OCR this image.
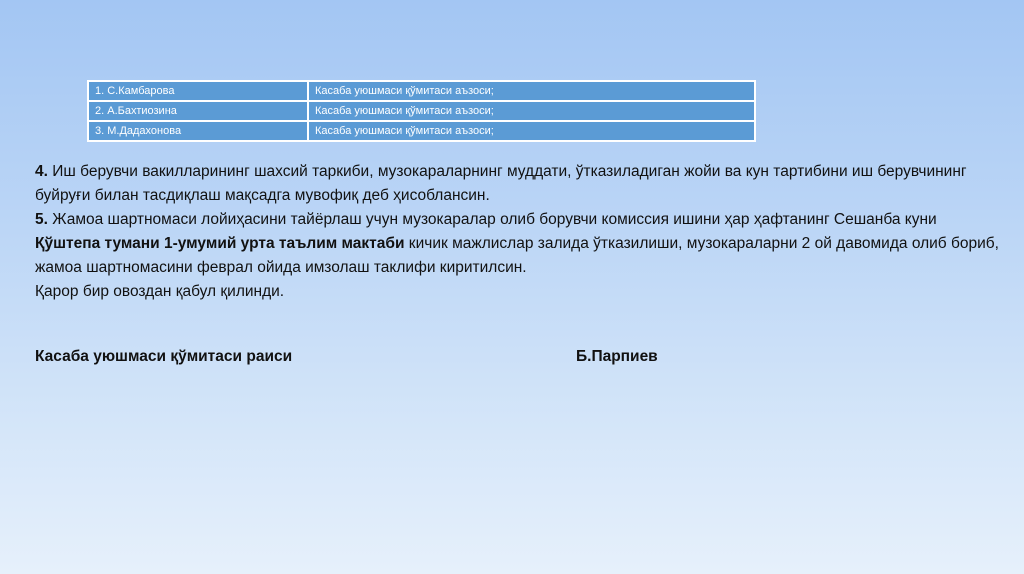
1. С.Камбарова	Касаба уюшмаси қўмитаси аъзоси;
2. А.Бахтиозина	Касаба уюшмаси қўмитаси аъзоси;
3. М.Дадахонова	Касаба уюшмаси қўмитаси аъзоси;

4. Иш берувчи вакилларининг шахсий таркиби, музокараларнинг муддати, ўтказиладиган жойи ва кун тартибини иш берувчининг буйруғи билан тасдиқлаш мақсадга мувофиқ деб ҳисоблансин.

5. Жамоа шартномаси лойиҳасини тайёрлаш учун музокаралар олиб борувчи комиссия ишини ҳар ҳафтанинг Сешанба куни Қўштепа тумани 1-умумий урта таълим мактаби кичик мажлислар залида ўтказилиши, музокараларни 2 ой давомида олиб бориб, жамоа шартномасини феврал ойида имзолаш таклифи киритилсин.

Қарор бир овоздан қабул қилинди.

Касаба уюшмаси қўмитаси раиси	Б.Парпиев
